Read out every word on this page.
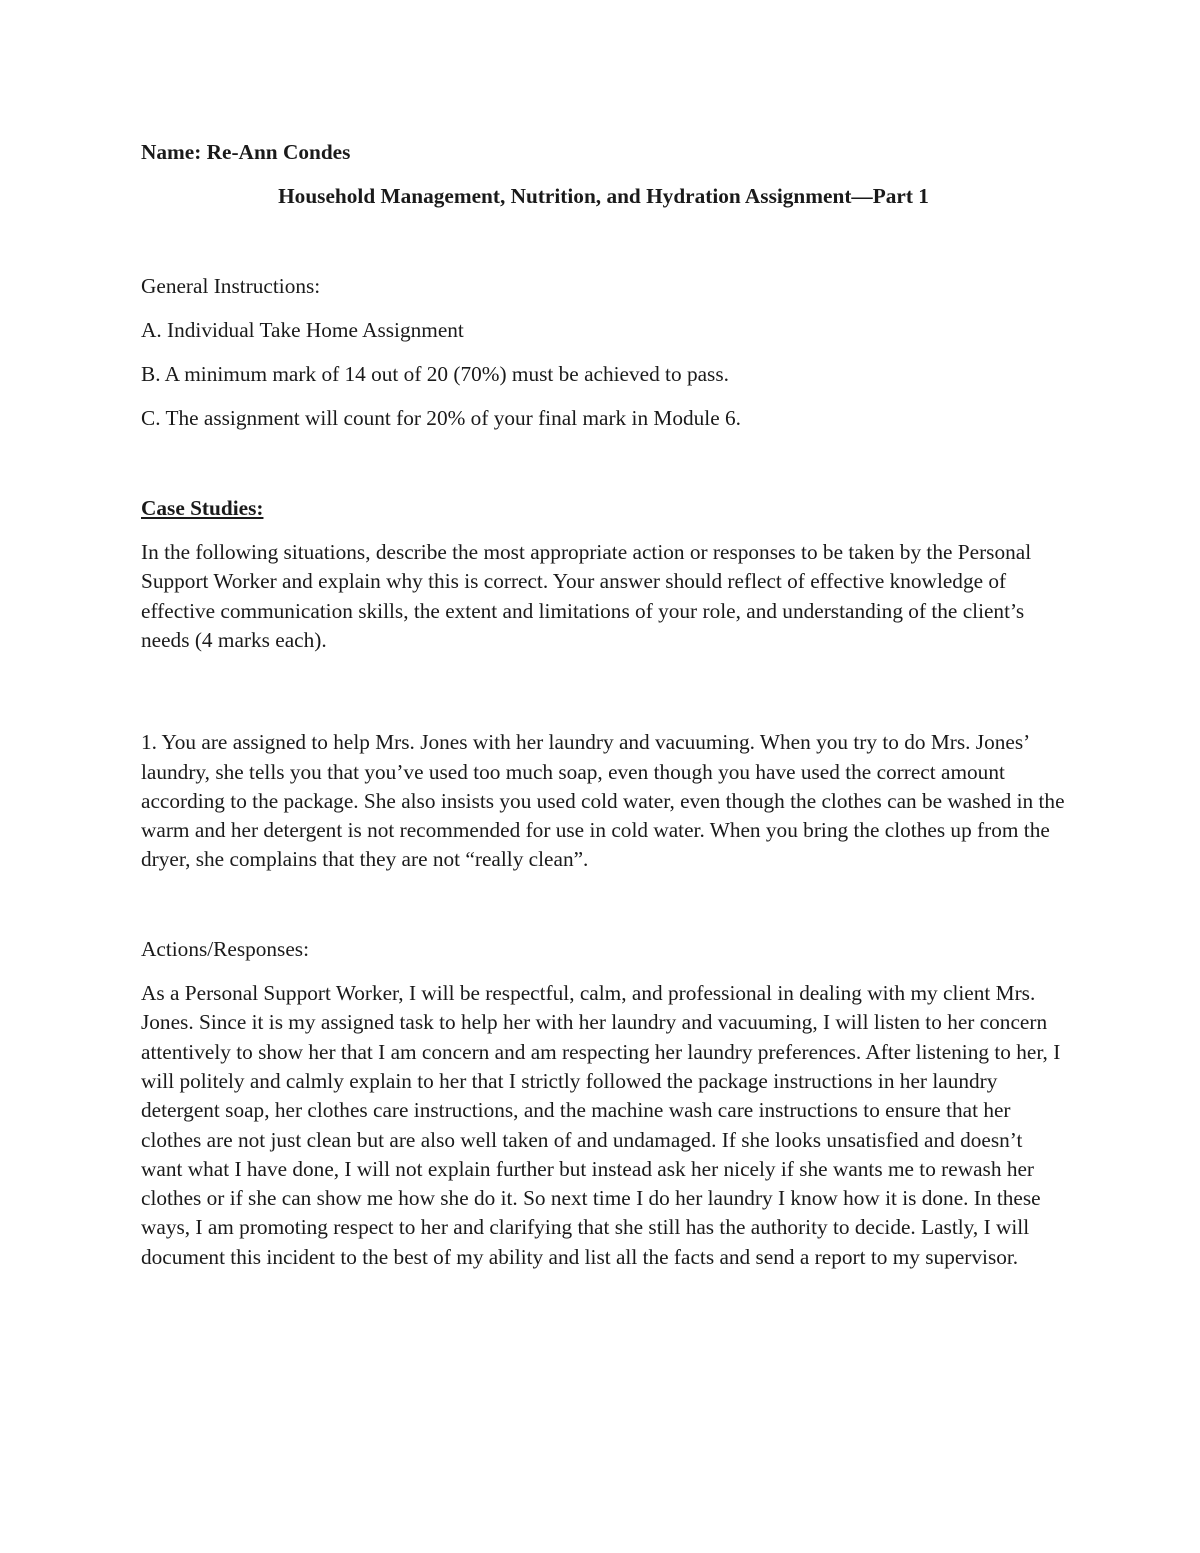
Name: Re-Ann Condes

Household Management, Nutrition, and Hydration Assignment—Part 1

General Instructions:

A. Individual Take Home Assignment

B. A minimum mark of 14 out of 20 (70%) must be achieved to pass.

C. The assignment will count for 20% of your final mark in Module 6.

Case Studies:

In the following situations, describe the most appropriate action or responses to be taken by the Personal Support Worker and explain why this is correct. Your answer should reflect of effective knowledge of effective communication skills, the extent and limitations of your role, and understanding of the client’s needs (4 marks each).

1. You are assigned to help Mrs. Jones with her laundry and vacuuming. When you try to do Mrs. Jones’ laundry, she tells you that you’ve used too much soap, even though you have used the correct amount according to the package. She also insists you used cold water, even though the clothes can be washed in the warm and her detergent is not recommended for use in cold water. When you bring the clothes up from the dryer, she complains that they are not “really clean”.

Actions/Responses:

As a Personal Support Worker, I will be respectful, calm, and professional in dealing with my client Mrs. Jones. Since it is my assigned task to help her with her laundry and vacuuming, I will listen to her concern attentively to show her that I am concern and am respecting her laundry preferences. After listening to her, I will politely and calmly explain to her that I strictly followed the package instructions in her laundry detergent soap, her clothes care instructions, and the machine wash care instructions to ensure that her clothes are not just clean but are also well taken of and undamaged. If she looks unsatisfied and doesn’t want what I have done, I will not explain further but instead ask her nicely if she wants me to rewash her clothes or if she can show me how she do it. So next time I do her laundry I know how it is done. In these ways, I am promoting respect to her and clarifying that she still has the authority to decide. Lastly, I will document this incident to the best of my ability and list all the facts and send a report to my supervisor.
